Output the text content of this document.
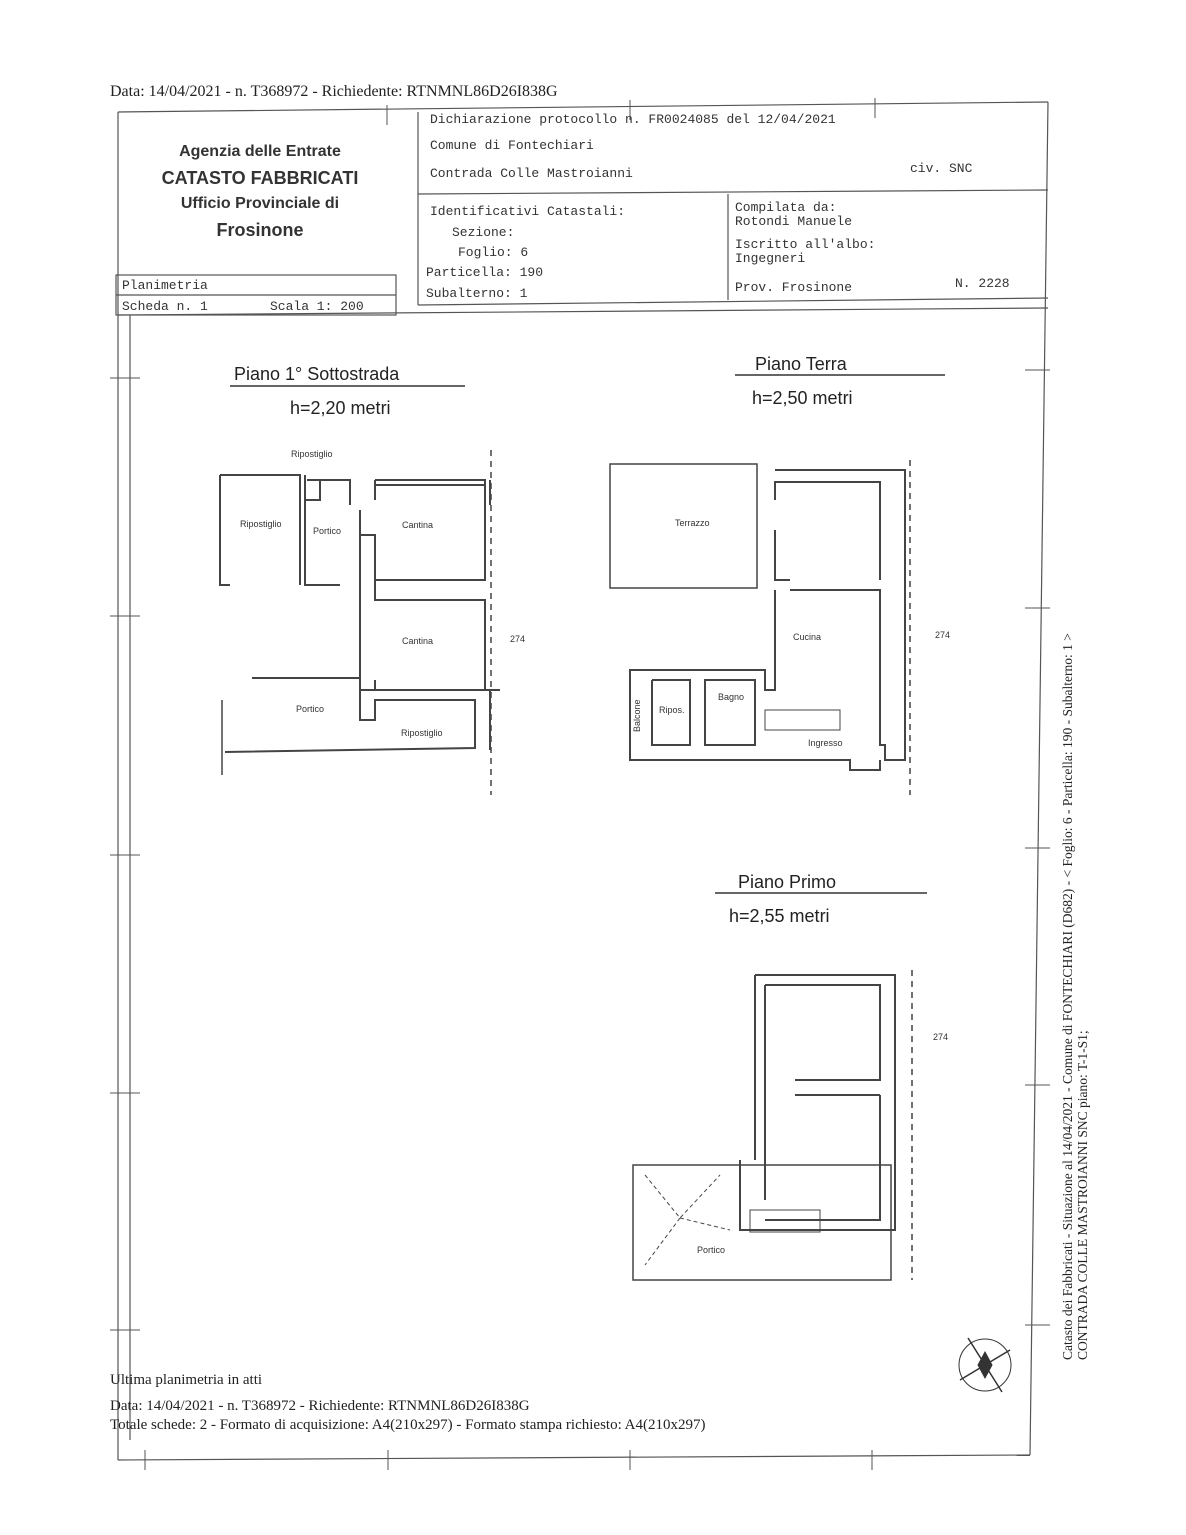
Data: 14/04/2021 - n. T368972 - Richiedente: RTNMNL86D26I838G
Agenzia delle Entrate
CATASTO FABBRICATI
Ufficio Provinciale di
Frosinone
Dichiarazione protocollo n. FR0024085 del 12/04/2021
Comune di Fontechiari
Contrada Colle Mastroianni	civ. SNC
Identificativi Catastali:
Sezione:
Foglio: 6
Particella: 190
Subalterno: 1
Compilata da:
Rotondi Manuele
Iscritto all'albo:
Ingegneri
Prov. Frosinone	N. 2228
Planimetria
Scheda n. 1	Scala 1: 200
Piano 1° Sottostrada
h=2,20 metri
Piano Terra
h=2,50 metri
Piano Primo
h=2,55 metri
Ripostiglio
Ripostiglio
Portico
Cantina
Cantina
Portico
Ripostiglio
274
Terrazzo
Cucina
Bagno
Ripos.
Balcone
Ingresso
274
274
Portico
Ultima planimetria in atti
Data: 14/04/2021 - n. T368972 - Richiedente: RTNMNL86D26I838G
Totale schede: 2 - Formato di acquisizione: A4(210x297) - Formato stampa richiesto: A4(210x297)
Catasto dei Fabbricati - Situazione al 14/04/2021 - Comune di FONTECHIARI (D682) - < Foglio: 6 - Particella: 190 - Subalterno: 1 > CONTRADA COLLE MASTROIANNI SNC piano: T-1-S1;
